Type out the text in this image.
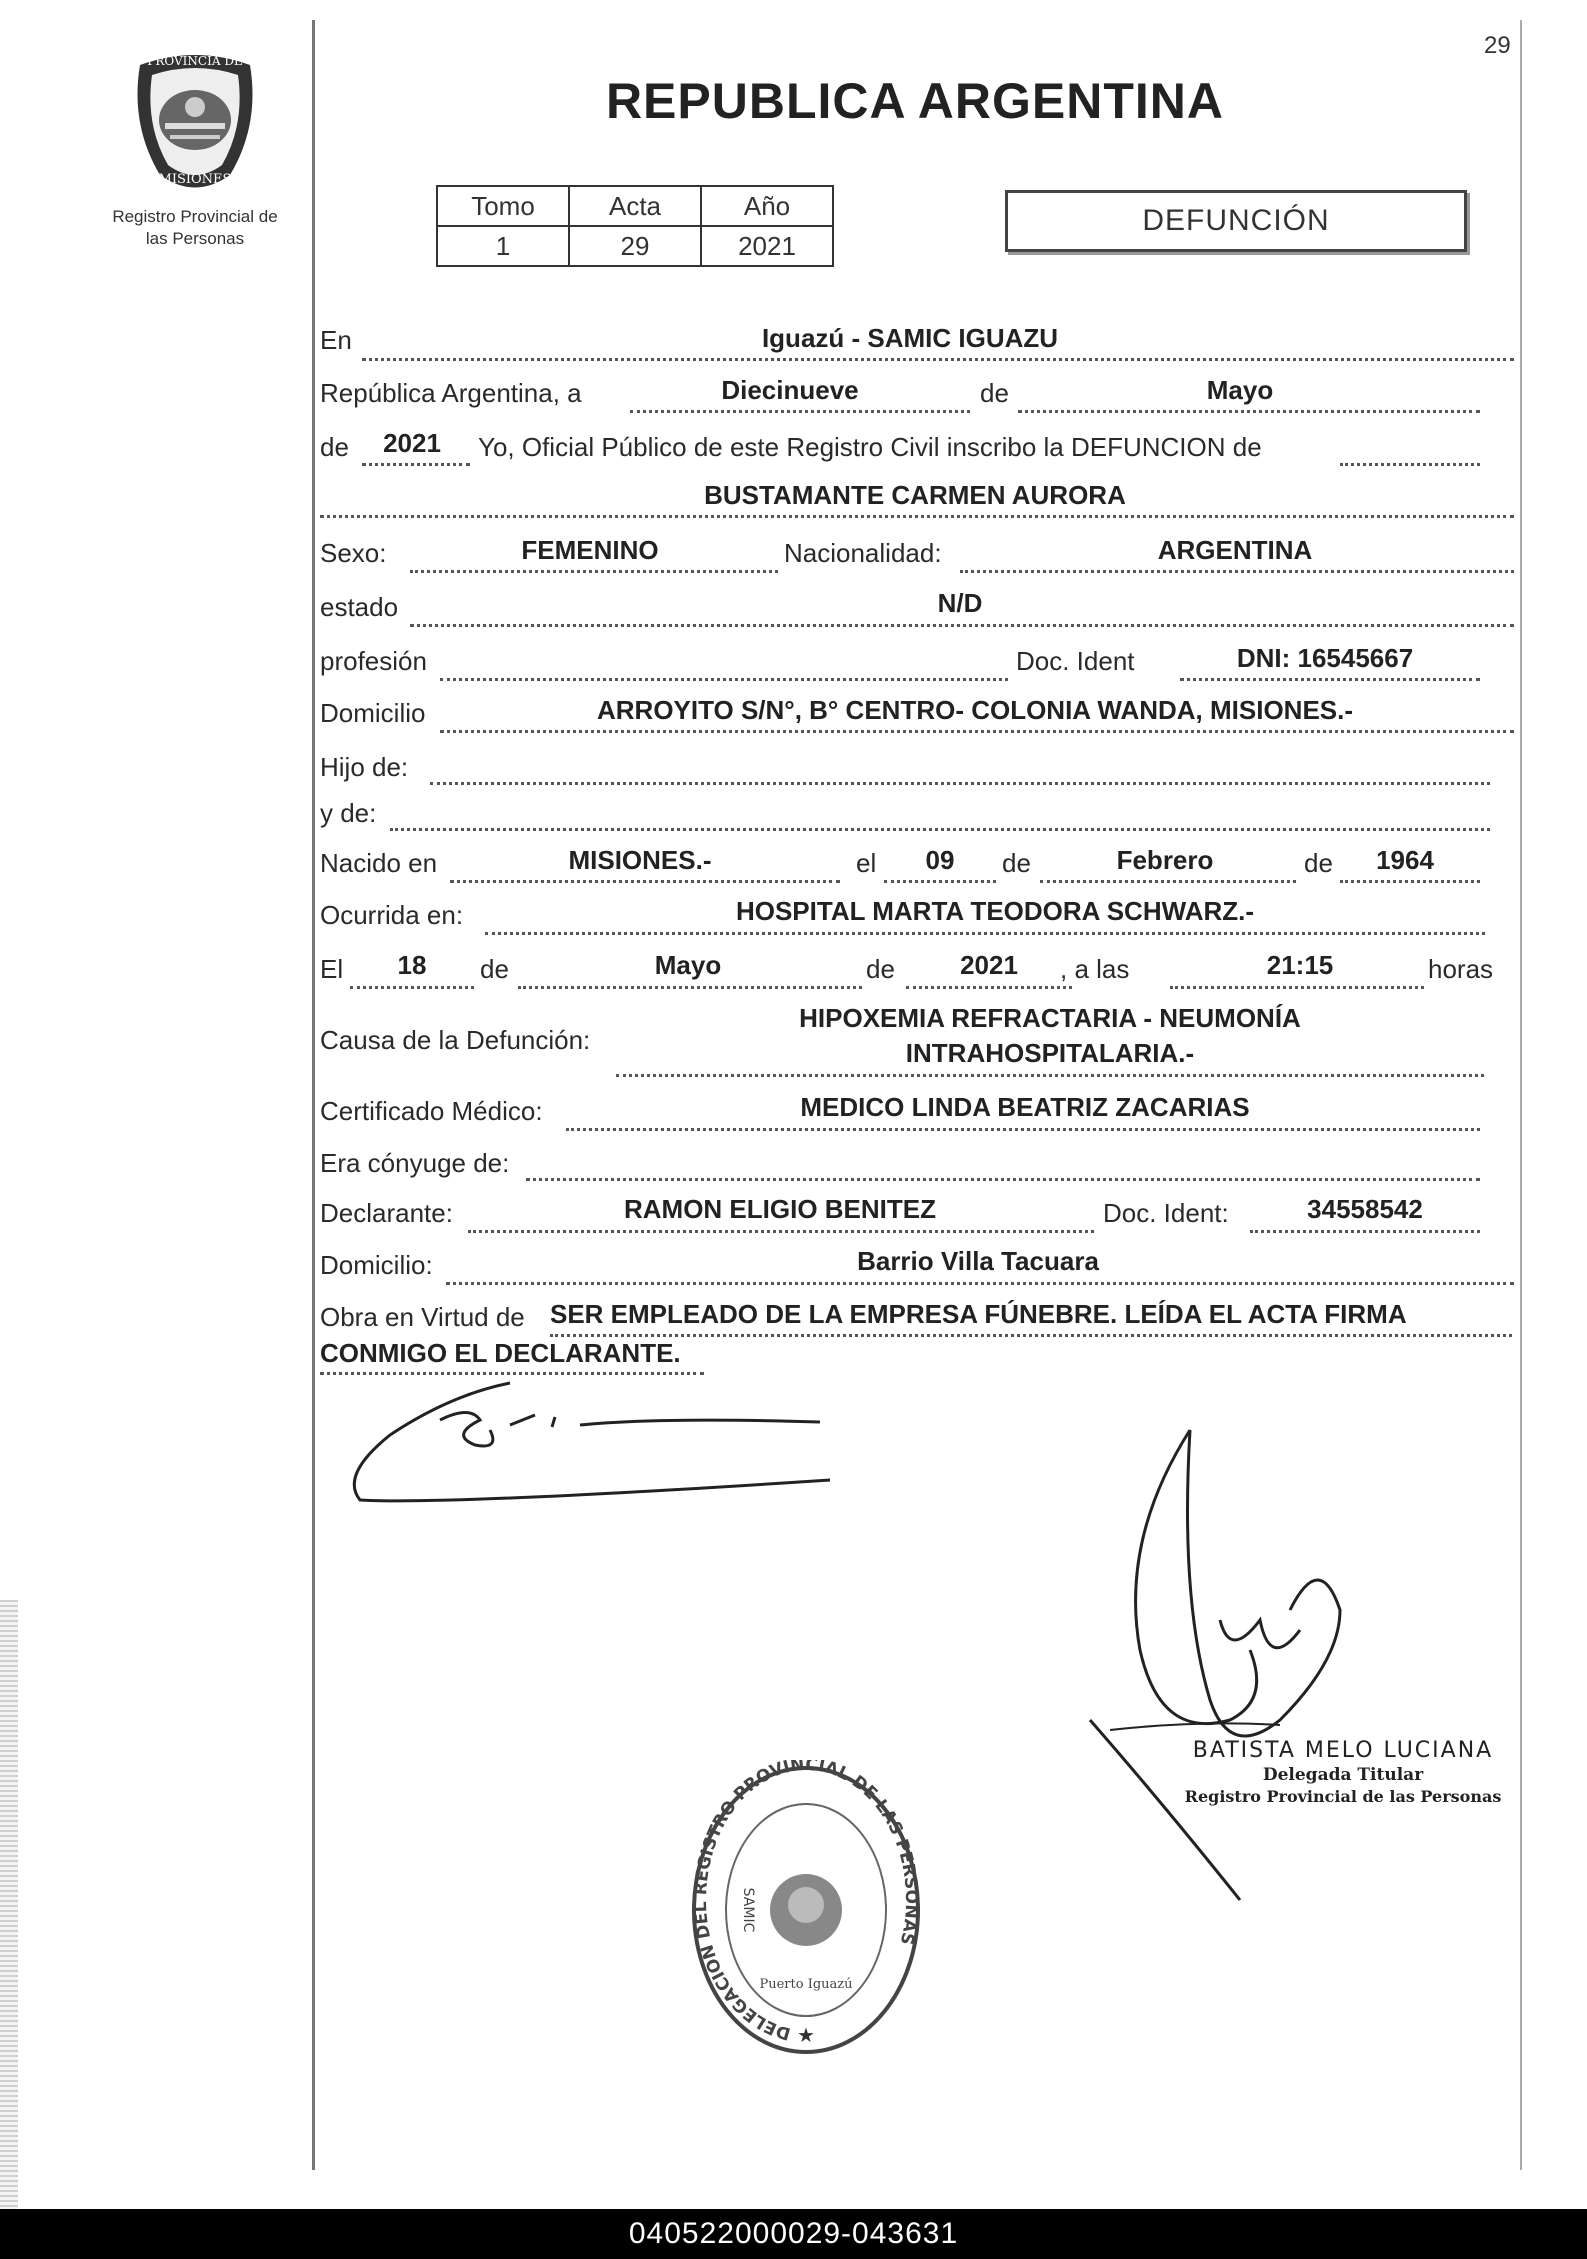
29
PROVINCIA DE
MISIONES
Registro Provincial de
las Personas
REPUBLICA ARGENTINA
Tomo	Acta	Año
1	29	2021
DEFUNCIÓN
En	Iguazú - SAMIC IGUAZU
República Argentina, a	Diecinueve	de	Mayo
de	2021	Yo, Oficial Público de este Registro Civil inscribo la DEFUNCION de
BUSTAMANTE CARMEN AURORA
Sexo:	FEMENINO	Nacionalidad:	ARGENTINA
estado	N/D
profesión	Doc. Ident	DNI: 16545667
Domicilio	ARROYITO S/N°, B° CENTRO- COLONIA WANDA, MISIONES.-
Hijo de:
y de:
Nacido en	MISIONES.-	el	09	de	Febrero	de	1964
Ocurrida en:	HOSPITAL MARTA TEODORA SCHWARZ.-
El	18	de	Mayo	de	2021	, a las	21:15	horas
Causa de la Defunción:
HIPOXEMIA REFRACTARIA - NEUMONÍA
INTRAHOSPITALARIA.-
Certificado Médico:	MEDICO LINDA BEATRIZ ZACARIAS
Era cónyuge de:
Declarante:	RAMON ELIGIO BENITEZ	Doc. Ident:	34558542
Domicilio:	Barrio Villa Tacuara
Obra en Virtud de SER EMPLEADO DE LA EMPRESA FÚNEBRE. LEÍDA EL ACTA FIRMA
CONMIGO EL DECLARANTE.
BATISTA MELO LUCIANA
Delegada Titular
Registro Provincial de las Personas
DELEGACIÓN DEL REGISTRO PROVINCIAL DE LAS PERSONAS
SAMIC
Puerto Iguazú
★
040522000029-043631
